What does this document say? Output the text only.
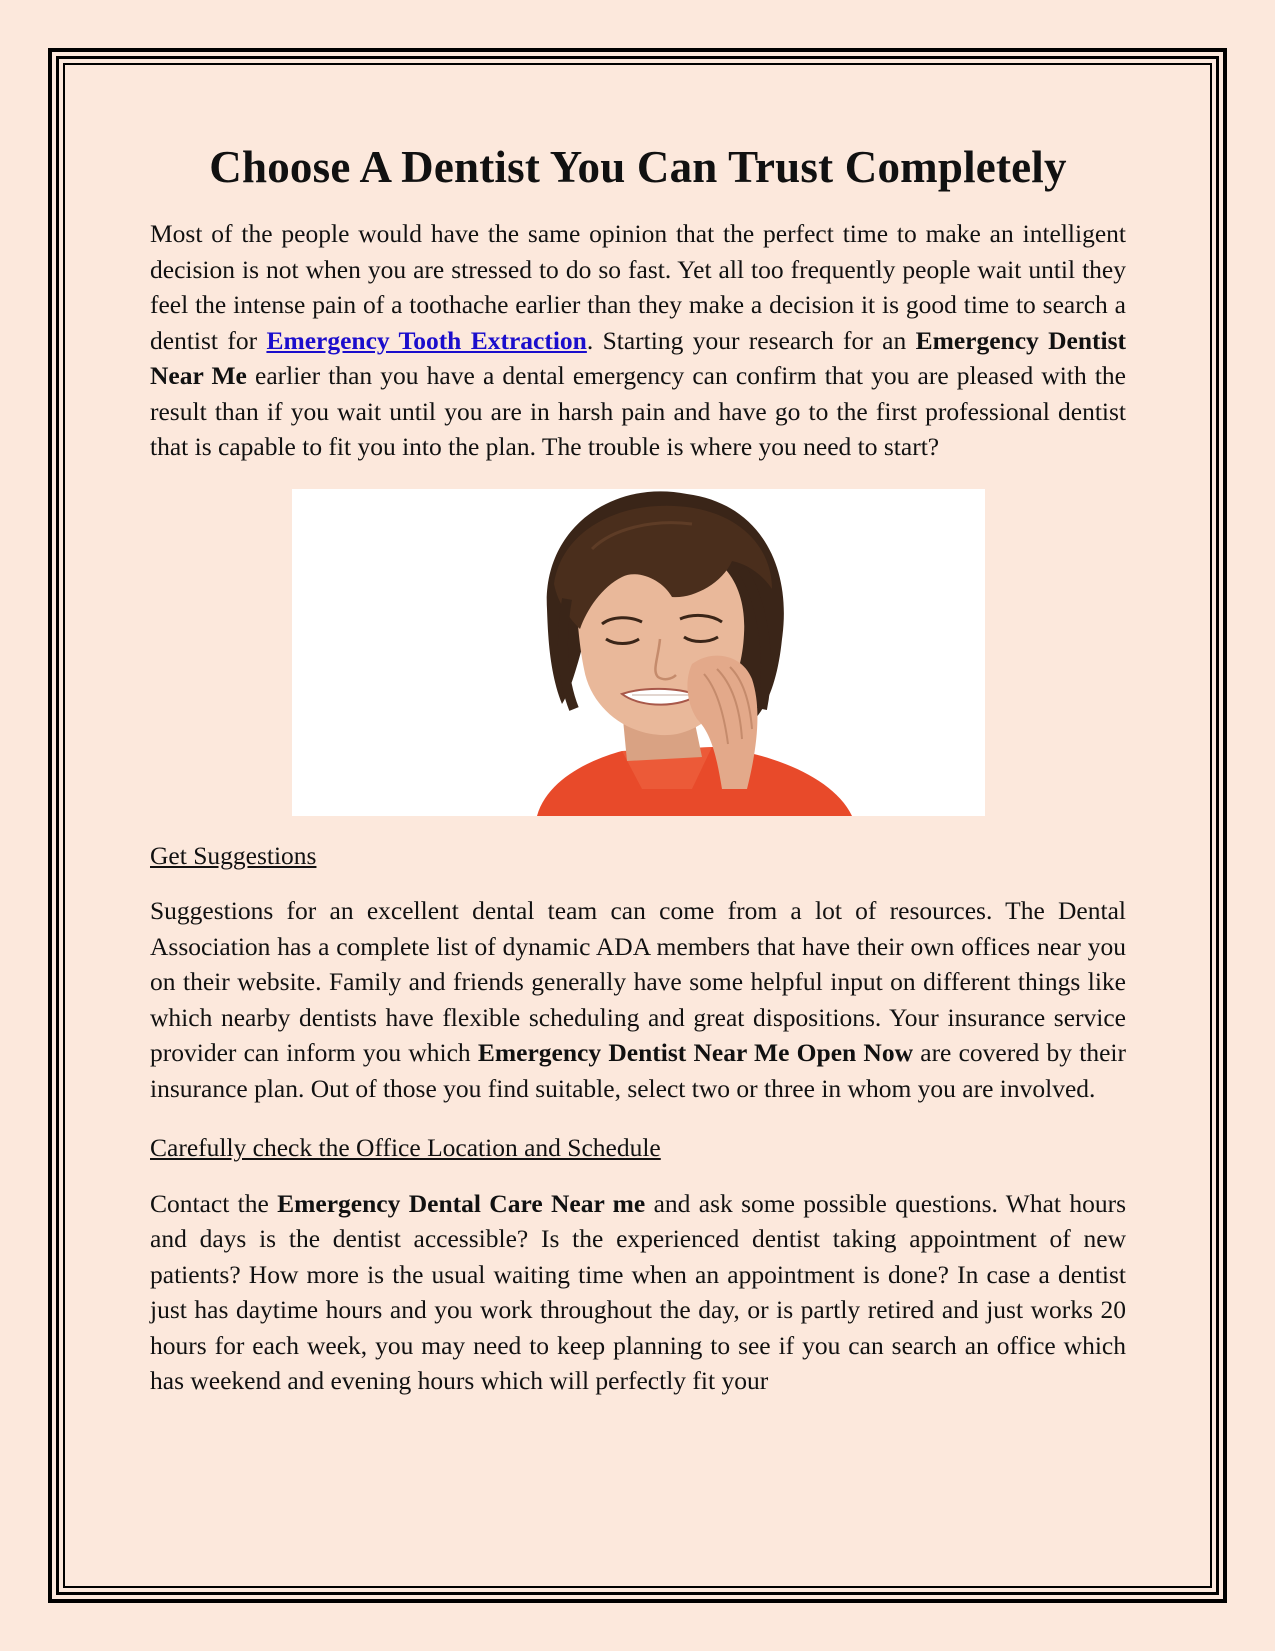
Choose A Dentist You Can Trust Completely

Most of the people would have the same opinion that the perfect time to make an intelligent decision is not when you are stressed to do so fast. Yet all too frequently people wait until they feel the intense pain of a toothache earlier than they make a decision it is good time to search a dentist for Emergency Tooth Extraction. Starting your research for an Emergency Dentist Near Me earlier than you have a dental emergency can confirm that you are pleased with the result than if you wait until you are in harsh pain and have go to the first professional dentist that is capable to fit you into the plan. The trouble is where you need to start?

Get Suggestions

Suggestions for an excellent dental team can come from a lot of resources. The Dental Association has a complete list of dynamic ADA members that have their own offices near you on their website. Family and friends generally have some helpful input on different things like which nearby dentists have flexible scheduling and great dispositions. Your insurance service provider can inform you which Emergency Dentist Near Me Open Now are covered by their insurance plan. Out of those you find suitable, select two or three in whom you are involved.

Carefully check the Office Location and Schedule

Contact the Emergency Dental Care Near me and ask some possible questions. What hours and days is the dentist accessible? Is the experienced dentist taking appointment of new patients? How more is the usual waiting time when an appointment is done? In case a dentist just has daytime hours and you work throughout the day, or is partly retired and just works 20 hours for each week, you may need to keep planning to see if you can search an office which has weekend and evening hours which will perfectly fit your
